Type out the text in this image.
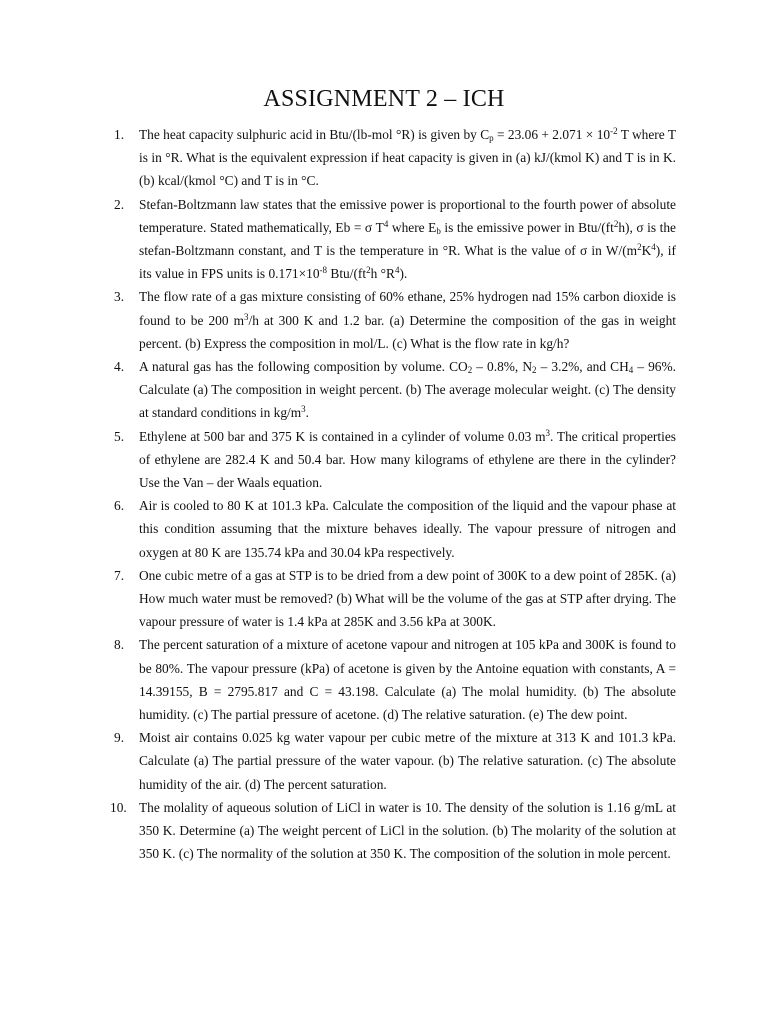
ASSIGNMENT 2 – ICH
1.	The heat capacity sulphuric acid in Btu/(lb-mol °R) is given by $C_p = 23.06 + 2.071 \times 10^{-2}$ T where T is in °R. What is the equivalent expression if heat capacity is given in (a) kJ/(kmol K) and T is in K. (b) kcal/(kmol °C) and T is in °C.
2.	Stefan-Boltzmann law states that the emissive power is proportional to the fourth power of absolute temperature. Stated mathematically, Eb = σ $T^4$ where $E_b$ is the emissive power in Btu/$(ft^2h)$, σ is the stefan-Boltzmann constant, and T is the temperature in °R. What is the value of σ in $W/(m^2K^4)$, if its value in FPS units is $0.171\times 10^{-8}$ Btu/($ft^2h$ $^\circ R^4$).
3.	The flow rate of a gas mixture consisting of 60% ethane, 25% hydrogen nad 15% carbon dioxide is found to be 200 $m^3/h$ at 300 K and 1.2 bar. (a) Determine the composition of the gas in weight percent. (b) Express the composition in mol/L. (c) What is the flow rate in kg/h?
4.	A natural gas has the following composition by volume. $CO_2 - 0.8\%$, $N_2 - 3.2\%$, and $CH_4 - 96\%$. Calculate (a) The composition in weight percent. (b) The average molecular weight. (c) The density at standard conditions in $kg/m^3$.
5.	Ethylene at 500 bar and 375 K is contained in a cylinder of volume 0.03 $m^3$. The critical properties of ethylene are 282.4 K and 50.4 bar. How many kilograms of ethylene are there in the cylinder? Use the Van – der Waals equation.
6.	Air is cooled to 80 K at 101.3 kPa. Calculate the composition of the liquid and the vapour phase at this condition assuming that the mixture behaves ideally. The vapour pressure of nitrogen and oxygen at 80 K are 135.74 kPa and 30.04 kPa respectively.
7.	One cubic metre of a gas at STP is to be dried from a dew point of 300K to a dew point of 285K. (a) How much water must be removed? (b) What will be the volume of the gas at STP after drying. The vapour pressure of water is 1.4 kPa at 285K and 3.56 kPa at 300K.
8.	The percent saturation of a mixture of acetone vapour and nitrogen at 105 kPa and 300K is found to be 80%. The vapour pressure (kPa) of acetone is given by the Antoine equation with constants, A = 14.39155, B = 2795.817 and C = 43.198. Calculate (a) The molal humidity. (b) The absolute humidity. (c) The partial pressure of acetone. (d) The relative saturation. (e) The dew point.
9.	Moist air contains 0.025 kg water vapour per cubic metre of the mixture at 313 K and 101.3 kPa. Calculate (a) The partial pressure of the water vapour. (b) The relative saturation. (c) The absolute humidity of the air. (d) The percent saturation.
10. The molality of aqueous solution of LiCl in water is 10. The density of the solution is 1.16 g/mL at 350 K. Determine (a) The weight percent of LiCl in the solution. (b) The molarity of the solution at 350 K. (c) The normality of the solution at 350 K. The composition of the solution in mole percent.
